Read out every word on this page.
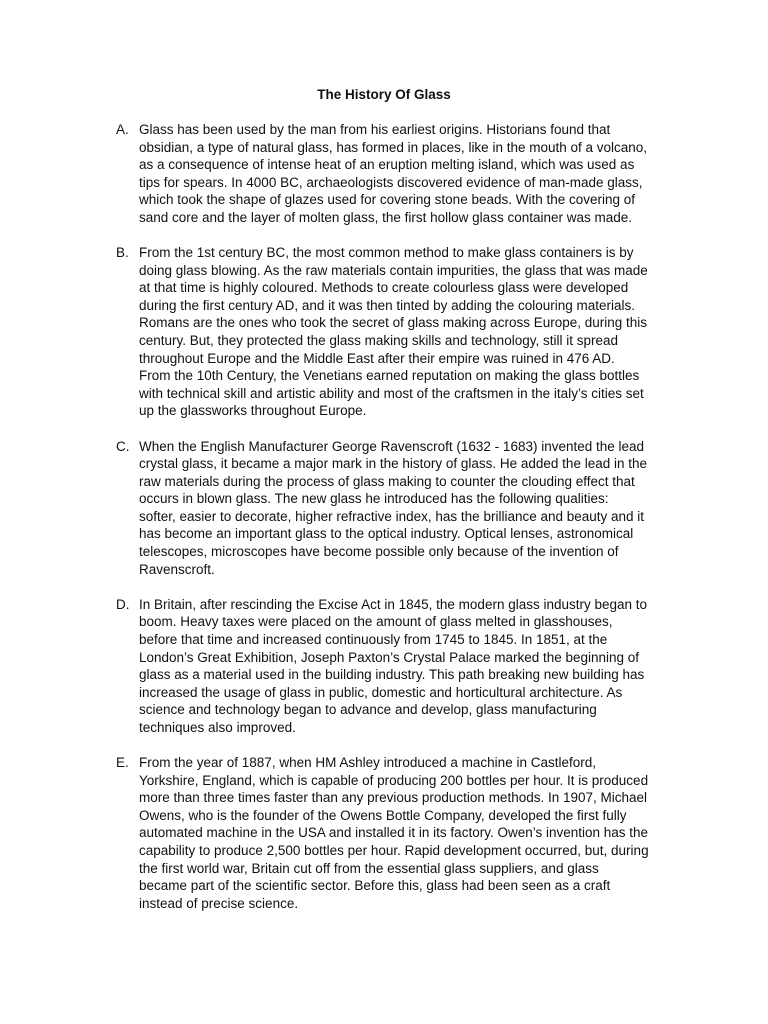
The History Of Glass
A. Glass has been used by the man from his earliest origins. Historians found that
obsidian, a type of natural glass, has formed in places, like in the mouth of a volcano,
as a consequence of intense heat of an eruption melting island, which was used as
tips for spears. In 4000 BC, archaeologists discovered evidence of man-made glass,
which took the shape of glazes used for covering stone beads. With the covering of
sand core and the layer of molten glass, the first hollow glass container was made.
B. From the 1st century BC, the most common method to make glass containers is by
doing glass blowing. As the raw materials contain impurities, the glass that was made
at that time is highly coloured. Methods to create colourless glass were developed
during the first century AD, and it was then tinted by adding the colouring materials.
Romans are the ones who took the secret of glass making across Europe, during this
century. But, they protected the glass making skills and technology, still it spread
throughout Europe and the Middle East after their empire was ruined in 476 AD.
From the 10th Century, the Venetians earned reputation on making the glass bottles
with technical skill and artistic ability and most of the craftsmen in the italy’s cities set
up the glassworks throughout Europe.
C. When the English Manufacturer George Ravenscroft (1632 - 1683) invented the lead
crystal glass, it became a major mark in the history of glass. He added the lead in the
raw materials during the process of glass making to counter the clouding effect that
occurs in blown glass. The new glass he introduced has the following qualities:
softer, easier to decorate, higher refractive index, has the brilliance and beauty and it
has become an important glass to the optical industry. Optical lenses, astronomical
telescopes, microscopes have become possible only because of the invention of
Ravenscroft.
D. In Britain, after rescinding the Excise Act in 1845, the modern glass industry began to
boom. Heavy taxes were placed on the amount of glass melted in glasshouses,
before that time and increased continuously from 1745 to 1845. In 1851, at the
London’s Great Exhibition, Joseph Paxton’s Crystal Palace marked the beginning of
glass as a material used in the building industry. This path breaking new building has
increased the usage of glass in public, domestic and horticultural architecture. As
science and technology began to advance and develop, glass manufacturing
techniques also improved.
E. From the year of 1887, when HM Ashley introduced a machine in Castleford,
Yorkshire, England, which is capable of producing 200 bottles per hour. It is produced
more than three times faster than any previous production methods. In 1907, Michael
Owens, who is the founder of the Owens Bottle Company, developed the first fully
automated machine in the USA and installed it in its factory. Owen’s invention has the
capability to produce 2,500 bottles per hour. Rapid development occurred, but, during
the first world war, Britain cut off from the essential glass suppliers, and glass
became part of the scientific sector. Before this, glass had been seen as a craft
instead of precise science.
